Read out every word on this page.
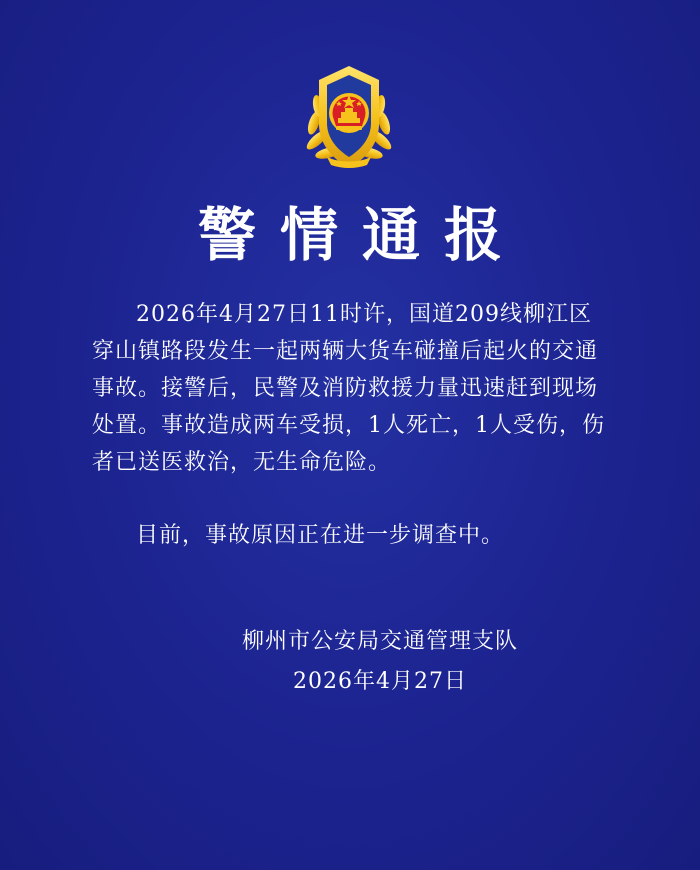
警情通报
2026年4月27日11时许，国道209线柳江区穿山镇路段发生一起两辆大货车碰撞后起火的交通事故。接警后，民警及消防救援力量迅速赶到现场处置。事故造成两车受损，1人死亡，1人受伤，伤者已送医救治，无生命危险。
目前，事故原因正在进一步调查中。
柳州市公安局交通管理支队
2026年4月27日
